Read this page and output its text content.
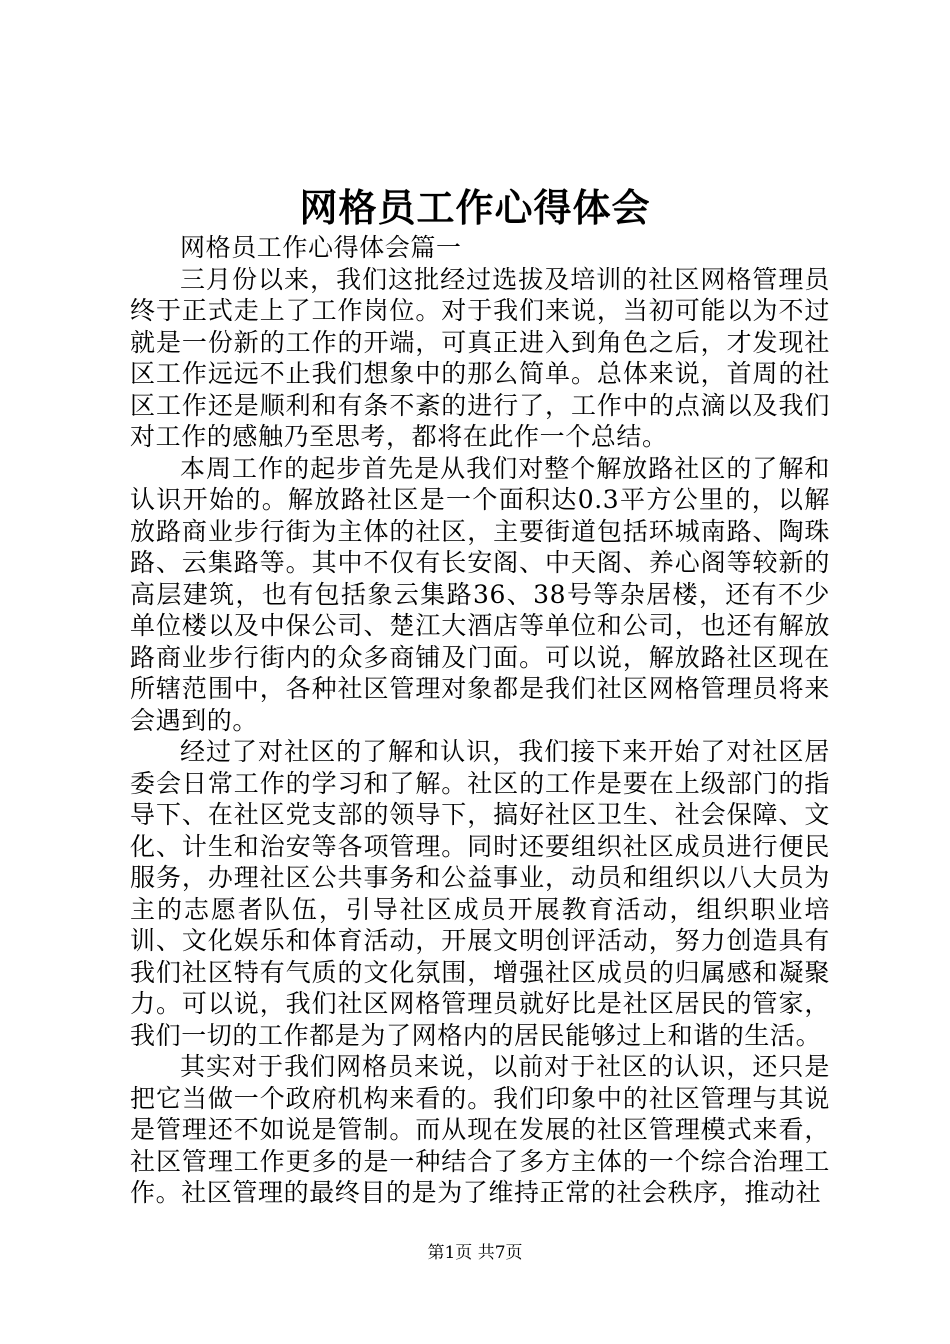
网格员工作心得体会

网格员工作心得体会篇一

三月份以来，我们这批经过选拔及培训的社区网格管理员终于正式走上了工作岗位。对于我们来说，当初可能以为不过就是一份新的工作的开端，可真正进入到角色之后，才发现社区工作远远不止我们想象中的那么简单。总体来说，首周的社区工作还是顺利和有条不紊的进行了，工作中的点滴以及我们对工作的感触乃至思考，都将在此作一个总结。

本周工作的起步首先是从我们对整个解放路社区的了解和认识开始的。解放路社区是一个面积达0.3平方公里的，以解放路商业步行街为主体的社区，主要街道包括环城南路、陶珠路、云集路等。其中不仅有长安阁、中天阁、养心阁等较新的高层建筑，也有包括象云集路36、38号等杂居楼，还有不少单位楼以及中保公司、楚江大酒店等单位和公司，也还有解放路商业步行街内的众多商铺及门面。可以说，解放路社区现在所辖范围中，各种社区管理对象都是我们社区网格管理员将来会遇到的。

经过了对社区的了解和认识，我们接下来开始了对社区居委会日常工作的学习和了解。社区的工作是要在上级部门的指导下、在社区党支部的领导下，搞好社区卫生、社会保障、文化、计生和治安等各项管理。同时还要组织社区成员进行便民服务，办理社区公共事务和公益事业，动员和组织以八大员为主的志愿者队伍，引导社区成员开展教育活动，组织职业培训、文化娱乐和体育活动，开展文明创评活动，努力创造具有我们社区特有气质的文化氛围，增强社区成员的归属感和凝聚力。可以说，我们社区网格管理员就好比是社区居民的管家，我们一切的工作都是为了网格内的居民能够过上和谐的生活。

其实对于我们网格员来说，以前对于社区的认识，还只是把它当做一个政府机构来看的。我们印象中的社区管理与其说是管理还不如说是管制。而从现在发展的社区管理模式来看，社区管理工作更多的是一种结合了多方主体的一个综合治理工作。社区管理的最终目的是为了维持正常的社会秩序，推动社

第1页 共7页
